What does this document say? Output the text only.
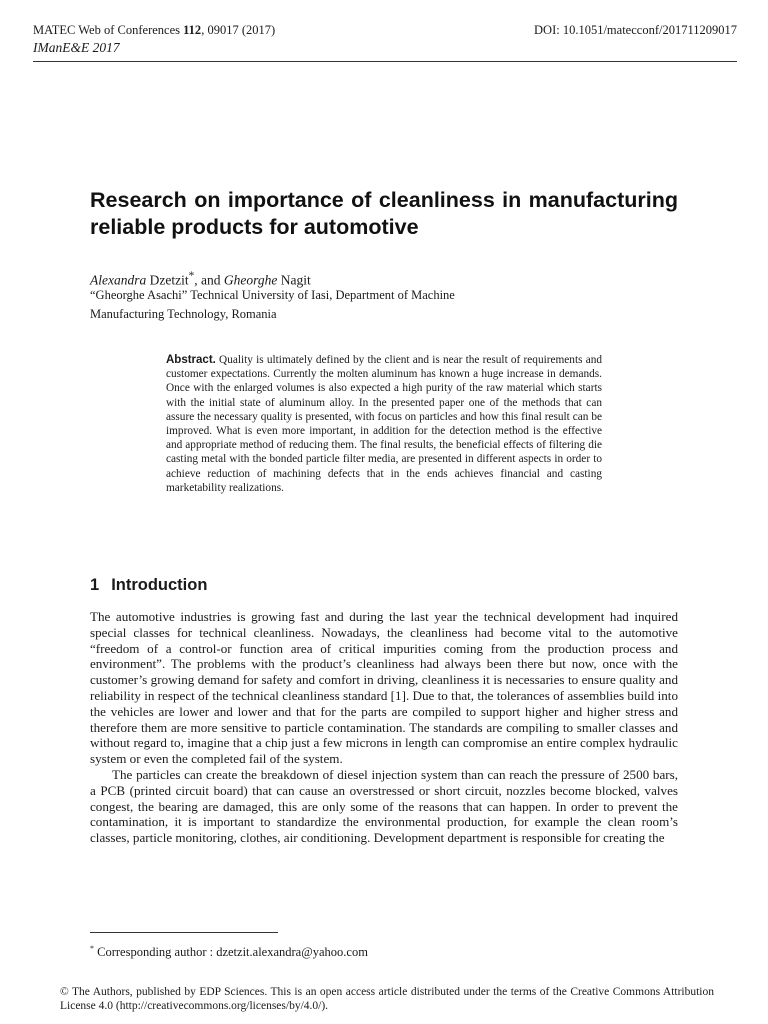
MATEC Web of Conferences 112, 09017 (2017)	DOI: 10.1051/matecconf/201711209017
IManE&E 2017
Research on importance of cleanliness in manufacturing reliable products for automotive
Alexandra Dzetzit*, and Gheorghe Nagit
“Gheorghe Asachi” Technical University of Iasi, Department of Machine Manufacturing Technology, Romania
Abstract. Quality is ultimately defined by the client and is near the result of requirements and customer expectations. Currently the molten aluminum has known a huge increase in demands. Once with the enlarged volumes is also expected a high purity of the raw material which starts with the initial state of aluminum alloy. In the presented paper one of the methods that can assure the necessary quality is presented, with focus on particles and how this final result can be improved. What is even more important, in addition for the detection method is the effective and appropriate method of reducing them. The final results, the beneficial effects of filtering die casting metal with the bonded particle filter media, are presented in different aspects in order to achieve reduction of machining defects that in the ends achieves financial and casting marketability realizations.
1 Introduction

The automotive industries is growing fast and during the last year the technical development had inquired special classes for technical cleanliness. Nowadays, the cleanliness had become vital to the automotive “freedom of a control-or function area of critical impurities coming from the production process and environment”. The problems with the product’s cleanliness had always been there but now, once with the customer’s growing demand for safety and comfort in driving, cleanliness it is necessaries to ensure quality and reliability in respect of the technical cleanliness standard [1]. Due to that, the tolerances of assemblies build into the vehicles are lower and lower and that for the parts are compiled to support higher and higher stress and therefore them are more sensitive to particle contamination. The standards are compiling to smaller classes and without regard to, imagine that a chip just a few microns in length can compromise an entire complex hydraulic system or even the completed fail of the system.

The particles can create the breakdown of diesel injection system than can reach the pressure of 2500 bars, a PCB (printed circuit board) that can cause an overstressed or short circuit, nozzles become blocked, valves congest, the bearing are damaged, this are only some of the reasons that can happen. In order to prevent the contamination, it is important to standardize the environmental production, for example the clean room’s classes, particle monitoring, clothes, air conditioning. Development department is responsible for creating the

* Corresponding author : dzetzit.alexandra@yahoo.com
© The Authors, published by EDP Sciences. This is an open access article distributed under the terms of the Creative Commons Attribution License 4.0 (http://creativecommons.org/licenses/by/4.0/).
